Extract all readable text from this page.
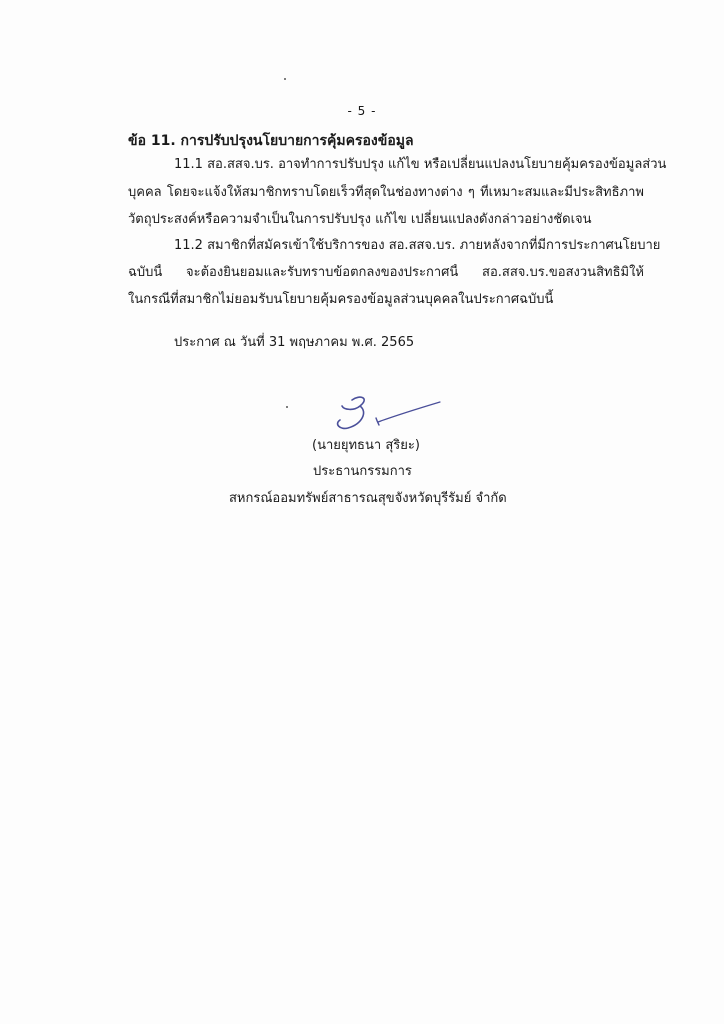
- 5 -
ข้อ 11. การปรับปรุงนโยบายการคุ้มครองข้อมูล
11.1 สอ.สสจ.บร. อาจทำการปรับปรุง แก้ไข หรือเปลี่ยนแปลงนโยบายคุ้มครองข้อมูลส่วน
บุคคล โดยจะแจ้งให้สมาชิกทราบโดยเร็วที่สุดในช่องทางต่าง ๆ ที่เหมาะสมและมีประสิทธิภาพ
วัตถุประสงค์หรือความจำเป็นในการปรับปรุง แก้ไข เปลี่ยนแปลงดังกล่าวอย่างชัดเจน
11.2 สมาชิกที่สมัครเข้าใช้บริการของ สอ.สสจ.บร. ภายหลังจากที่มีการประกาศนโยบาย
ฉบับนี้ จะต้องยินยอมและรับทราบข้อตกลงของประกาศนี้ สอ.สสจ.บร.ขอสงวนสิทธิมิให้
ในกรณีที่สมาชิกไม่ยอมรับนโยบายคุ้มครองข้อมูลส่วนบุคคลในประกาศฉบับนี้
ประกาศ ณ วันที่ 31 พฤษภาคม พ.ศ. 2565
(นายยุทธนา สุริยะ)
ประธานกรรมการ
สหกรณ์ออมทรัพย์สาธารณสุขจังหวัดบุรีรัมย์ จำกัด
